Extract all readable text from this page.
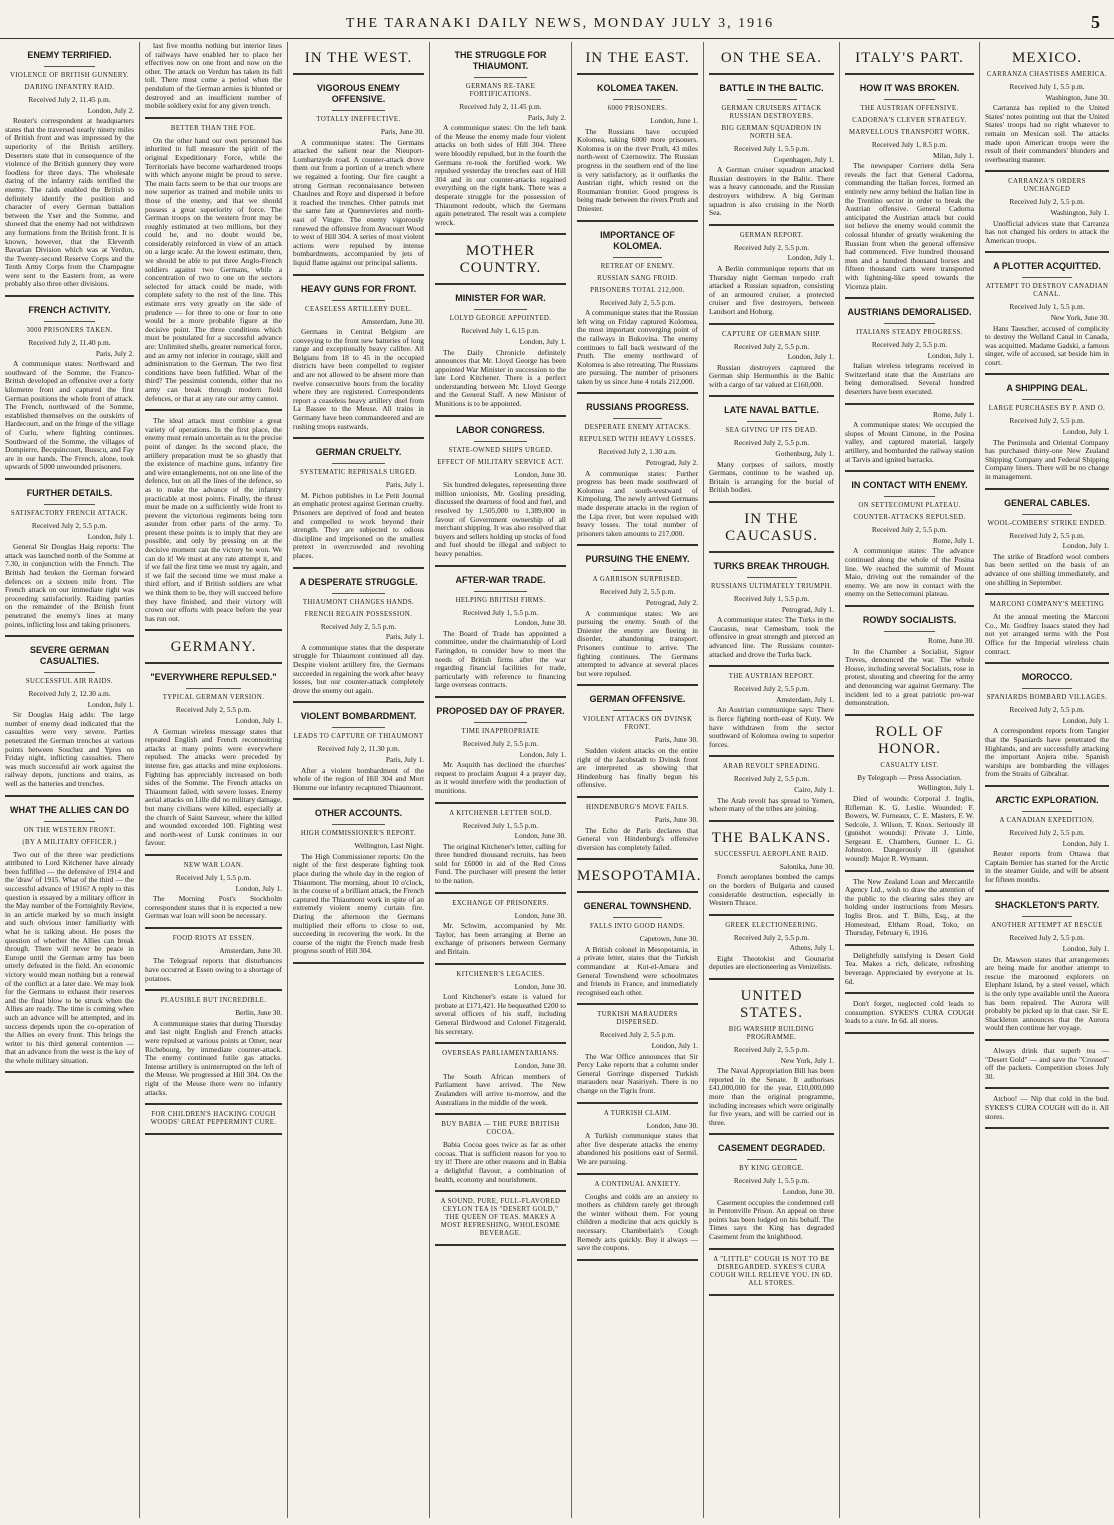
THE TARANAKI DAILY NEWS, MONDAY JULY 3, 1916	5
ENEMY TERRIFIED.
VIOLENCE OF BRITISH GUNNERY.
DARING INFANTRY RAID.
Received July 2, 11.45 p.m.
London, July 2.

Reuter's correspondent at headquarters states that the traversed nearly ninety miles of British front and was impressed by the superiority of the British artillery. Deserters state that in consequence of the violence of the British gunnery they were foodless for three days. The wholesale daring of the infantry raids terrified the enemy. The raids enabled the British to definitely identify the position and character of every German battalion between the Yser and the Somme, and showed that the enemy had not withdrawn any formations from the British front. It is known, however, that the Eleventh Bavarian Division which was at Verdun, the Twenty-second Reserve Corps and the Tenth Army Corps from the Champagne were sent to the Eastern front, as were probably also three other divisions.

FRENCH ACTIVITY.
3000 PRISONERS TAKEN.
Received July 2, 11.40 p.m.
Paris, July 2.

A communique states: Northward and southward of the Somme, the Franco-British developed an offensive over a forty kilometre front and captured the first German positions the whole front of attack. The French, northward of the Somme, established themselves on the outskirts of Hardecourt, and on the fringe of the village of Curlu, where fighting continues. Southward of the Somme, the villages of Dompierre, Becquincourt, Busscu, and Fay are in our hands. The French, alone, took upwards of 5000 unwounded prisoners.

FURTHER DETAILS.
SATISFACTORY FRENCH ATTACK.
Received July 2, 5.5 p.m.
London, July 1.

General Sir Douglas Haig reports: The attack was launched north of the Somme at 7.30, in conjunction with the French. The British had broken the German forward defences on a sixteen mile front. The French attack on our immediate right was proceeding satisfactorily. Raiding parties on the remainder of the British front penetrated the enemy's lines at many points, inflicting loss and taking prisoners.

SEVERE GERMAN CASUALTIES.
SUCCESSFUL AIR RAIDS.
Received July 2, 12.30 a.m.
London, July 1.

Sir Douglas Haig adds: The large number of enemy dead indicated that the casualties were very severe. Parties penetrated the German trenches at various points between Souchez and Ypres on Friday night, inflicting casualties. There was much successful air work against the railway depots, junctions and trains, as well as the batteries and trenches.

WHAT THE ALLIES CAN DO
ON THE WESTERN FRONT.
(BY A MILITARY OFFICER.)

Two out of the three war predictions attributed to Lord Kitchener have already been fulfilled — the defensive of 1914 and the 'draw' of 1915. What of the third — the successful advance of 1916? A reply to this question is essayed by a military officer in the May number of the Fortnightly Review, in an article marked by so much insight and such obvious inner familiarity with what he is talking about. He poses the question of whether the Allies can break through. There will never be peace in Europe until the German army has been utterly defeated in the field. An economic victory would mean nothing but a renewal of the conflict at a later date. We may look for the Germans to exhaust their reserves and the final blow to be struck when the Allies are ready. The time is coming when such an advance will be attempted, and its success depends upon the co-operation of the Allies on every front. This brings the writer to his third general contention — that an advance from the west is the key of the whole military situation.

last five months nothing but interior lines of railways have enabled her to place her effectives now on one front and now on the other. The attack on Verdun has taken its full toll. There must come a period when the pendulum of the German armies is blunted or destroyed and an insufficient number of mobile soldiery exist for any given trench.

BETTER THAN THE FOE.

On the other hand our own personnel has inherited in full measure the spirit of the original Expeditionary Force, while the Territorials have become warhardened troops with which anyone might be proud to serve. The main facts seem to be that our troops are now superior as trained and mobile units to those of the enemy, and that we should possess a great superiority of force. The German troops on the western front may be roughly estimated at two millions, but they could be, and no doubt would be, considerably reinforced in view of an attack on a large scale. At the lowest estimate, then, we should be able to put three Anglo-French soldiers against two Germans, while a concentration of two to one on the sectors selected for attack could be made, with complete safety to the rest of the line. This estimate errs very greatly on the side of prudence — for three to one or four to one would be a more probable figure at the decisive point. The three conditions which must be postulated for a successful advance are: Unlimited shells, greater numerical force, and an army not inferior in courage, skill and administration to the German. The two first conditions have been fulfilled. What of the third? The pessimist contends, either that no army can break through modern field defences, or that at any rate our army cannot.

The ideal attack must combine a great variety of operations. In the first place, the enemy must remain uncertain as to the precise point of danger. In the second place, the artillery preparation must be so ghastly that the existence of machine guns, infantry fire and wire entanglements, not on one line of the defence, but on all the lines of the defence, so as to make the advance of the infantry practicable at most points. Finally, the thrust must be made on a sufficiently wide front to prevent the victorious regiments being torn asunder from other parts of the army. To present these points is to imply that they are possible, and only by pressing on at the decisive moment can the victory be won. We can do it! We must at any rate attempt it, and if we fail the first time we must try again, and if we fail the second time we must make a third effort, and if British soldiers are what we think them to be, they will succeed before they have finished, and their victory will crown our efforts with peace before the year has run out.

GERMANY.
"EVERYWHERE REPULSED."
TYPICAL GERMAN VERSION.
Received July 2, 5.5 p.m.
London, July 1.

A German wireless message states that repeated English and French reconnoitring attacks at many points were everywhere repulsed. The attacks were preceded by intense fire, gas attacks and mine explosions. Fighting has appreciably increased on both sides of the Somme. The French attacks on Thiaumont failed, with severe losses. Enemy aerial attacks on Lille did no military damage, but many civilians were killed, especially at the church of Saint Sauveur, where the killed and wounded exceeded 100. Fighting west and north-west of Lutsk continues in our favour.

NEW WAR LOAN.
Received July 1, 5.5 p.m.
London, July 1.

The Morning Post's Stockholm correspondent states that it is expected a new German war loan will soon be necessary.

FOOD RIOTS AT ESSEN.
Amsterdam, June 30.

The Telegraaf reports that disturbances have occurred at Essen owing to a shortage of potatoes.

PLAUSIBLE BUT INCREDIBLE.
Berlin, June 30.

A communique states that during Thursday and last night English and French attacks were repulsed at various points at Omer, near Richebourg, by immediate counter-attack. The enemy continued futile gas attacks. Intense artillery is uninterrupted on the left of the Meuse. We progressed at Hill 304. On the right of the Meuse there were no infantry attacks.

FOR CHILDREN'S HACKING COUGH WOODS' GREAT PEPPERMINT CURE.
IN THE WEST.
VIGOROUS ENEMY OFFENSIVE.
TOTALLY INEFFECTIVE.
Paris, June 30.

A communique states: The Germans attacked the salient near the Nieuport-Lombartzyde road. A counter-attack drove them out from a portion of a trench where we regained a footing. Our fire caught a strong German reconnaissance between Chaulnes and Roye and dispersed it before it reached the trenches. Other patrols met the same fate at Quennevieres and north-east of Vingre. The enemy vigorously renewed the offensive from Avocourt Wood to west of Hill 304. A series of most violent actions were repulsed by intense bombardments, accompanied by jets of liquid flame against our principal salients.

HEAVY GUNS FOR FRONT.
CEASELESS ARTILLERY DUEL.
Amsterdam, June 30.

Germans in Central Belgium are conveying to the front new batteries of long range and exceptionally heavy calibre. All Belgians from 18 to 45 in the occupied districts have been compelled to register and are not allowed to be absent more than twelve consecutive hours from the locality where they are registered. Correspondents report a ceaseless heavy artillery duel from La Bassee to the Meuse. All trains in Germany have been commandeered and are rushing troops eastwards.

GERMAN CRUELTY.
SYSTEMATIC REPRISALS URGED.
Paris, July 1.

M. Pichon publishes in Le Petit Journal an emphatic protest against German cruelty. Prisoners are deprived of food and beaten and compelled to work beyond their strength. They are subjected to odious discipline and imprisoned on the smallest pretext in overcrowded and revolting places.

A DESPERATE STRUGGLE.
THIAUMONT CHANGES HANDS.
FRENCH REGAIN POSSESSION.
Received July 2, 5.5 p.m.
Paris, July 1.

A communique states that the desperate struggle for Thiaumont continued all day. Despite violent artillery fire, the Germans succeeded in regaining the work after heavy losses, but our counter-attack completely drove the enemy out again.

VIOLENT BOMBARDMENT.
LEADS TO CAPTURE OF THIAUMONT
Received July 2, 11.30 p.m.
Paris, July 1.

After a violent bombardment of the whole of the region of Hill 304 and Mort Homme our infantry recaptured Thiaumont.

OTHER ACCOUNTS.
HIGH COMMISSIONER'S REPORT.
Wellington, Last Night.

The High Commissioner reports: On the night of the first desperate fighting took place during the whole day in the region of Thiaumont. The morning, about 10 o'clock, in the course of a brilliant attack, the French captured the Thiaumont work in spite of an extremely violent enemy curtain fire. During the afternoon the Germans multiplied their efforts to close to out, succeeding in recovering the work. In the course of the night the French made fresh progress south of Hill 304.

THE STRUGGLE FOR THIAUMONT.
GERMANS RE-TAKE FORTIFICATIONS.
Received July 2, 11.45 p.m.
Paris, July 2.

A communique states: On the left bank of the Meuse the enemy made four violent attacks on both sides of Hill 304. Three were bloodily repulsed, but in the fourth the Germans re-took the fortified work. We repulsed yesterday the trenches east of Hill 304 and in our counter-attacks regained everything on the right bank. There was a desperate struggle for the possession of Thiaumont redoubt, which the Germans again penetrated. The result was a complete wreck.

MOTHER COUNTRY.
MINISTER FOR WAR.
LOLYD GEORGE APPOINTED.
Received July 1, 6.15 p.m.
London, July 1.

The Daily Chronicle definitely announces that Mr. Lloyd George has been appointed War Minister in succession to the late Lord Kitchener. There is a perfect understanding between Mr. Lloyd George and the General Staff. A new Minister of Munitions is to be appointed.

LABOR CONGRESS.
STATE-OWNED SHIPS URGED.
EFFECT OF MILITARY SERVICE ACT.
London, June 30.

Six hundred delegates, representing three million unionists, Mr. Gosling presiding, discussed the dearness of food and fuel, and resolved by 1,505,000 to 1,389,000 in favour of Government ownership of all merchant shipping. It was also resolved that buyers and sellers holding up stocks of food and fuel should be illegal and subject to heavy penalties.

AFTER-WAR TRADE.
HELPING BRITISH FIRMS.
Received July 1, 5.5 p.m.
London, June 30.

The Board of Trade has appointed a committee, under the chairmanship of Lord Faringdon, to consider how to meet the needs of British firms after the war regarding financial facilities for trade, particularly with reference to financing large overseas contracts.

PROPOSED DAY OF PRAYER.
TIME INAPPROPRIATE
Received July 2, 5.5 p.m.
London, July 1.

Mr. Asquith has declined the churches' request to proclaim August 4 a prayer day, as it would interfere with the production of munitions.

A KITCHENER LETTER SOLD.
Received July 1, 5.5 p.m.
London, June 30.

The original Kitchener's letter, calling for three hundred thousand recruits, has been sold for £6000 in aid of the Red Cross Fund. The purchaser will present the letter to the nation.

EXCHANGE OF PRISONERS.
London, June 30.

Mr. Schwim, accompanied by Mr. Taylor, has been arranging at Berne an exchange of prisoners between Germany and Britain.

KITCHENER'S LEGACIES.
London, June 30.

Lord Kitchener's estate is valued for probate at £171,421. He bequeathed £200 to several officers of his staff, including General Birdwood and Colonel Fitzgerald, his secretary.

OVERSEAS PARLIAMENTARIANS.
London, June 30.

The South African members of Parliament have arrived. The New Zealanders will arrive to-morrow, and the Australians in the middle of the week.

BUY BABIA — THE PURE BRITISH COCOA.

Babia Cocoa goes twice as far as other cocoas. That is sufficient reason for you to try it! There are other reasons and in Babia a delightful flavour, a combination of health, economy and nourishment.

A SOUND, PURE, FULL-FLAVORED CEYLON TEA IS "DESERT GOLD," THE QUEEN OF TEAS. MAKES A MOST REFRESHING, WHOLESOME BEVERAGE.
IN THE EAST.
KOLOMEA TAKEN.
6000 PRISONERS.
London, June 1.

The Russians have occupied Kolomea, taking 6000 more prisoners. Kolomea is on the river Pruth, 43 miles north-west of Czernowitz. The Russian progress in the southern end of the line is very satisfactory, as it outflanks the Austrian right, which rested on the Roumanian frontier. Good progress is being made between the rivers Pruth and Dniester.

IMPORTANCE OF KOLOMEA.
RETREAT OF ENEMY.
RUSSIAN SANG FROID.
PRISONERS TOTAL 212,000.
Received July 2, 5.5 p.m.

A communique states that the Russian left wing on Friday captured Kolomea, the most important converging point of the railways in Bukovina. The enemy continues to fall back westward of the Pruth. The enemy northward of Kolomea is also retreating. The Russians are pursuing. The number of prisoners taken by us since June 4 totals 212,000.

RUSSIANS PROGRESS.
DESPERATE ENEMY ATTACKS.
REPULSED WITH HEAVY LOSSES.
Received July 2, 1.30 a.m.
Petrograd, July 2.

A communique states: Further progress has been made southward of Kolomea and south-westward of Kimpolung. The newly arrived Germans made desperate attacks in the region of the Lipa river, but were repulsed with heavy losses. The total number of prisoners taken amounts to 217,000.

PURSUING THE ENEMY.
A GARRISON SURPRISED.
Received July 2, 5.5 p.m.
Petrograd, July 2.

A communique states: We are pursuing the enemy. South of the Dniester the enemy are fleeing in disorder, abandoning transport. Prisoners continue to arrive. The fighting continues. The Germans attempted to advance at several places but were repulsed.

GERMAN OFFENSIVE.
VIOLENT ATTACKS ON DVINSK FRONT.
Paris, June 30.

Sudden violent attacks on the entire right of the Jacobstadt to Dvinsk front are interpreted as showing that Hindenburg has finally begun his offensive.

HINDENBURG'S MOVE FAILS.
Paris, June 30.

The Echo de Paris declares that General von Hindenburg's offensive diversion has completely failed.

MESOPOTAMIA.
GENERAL TOWNSHEND.
FALLS INTO GOOD HANDS.
Capetown, June 30.

A British colonel in Mesopotamia, in a private letter, states that the Turkish commandant at Kut-el-Amara and General Townshend were schoolmates and friends in France, and immediately recognised each other.

TURKISH MARAUDERS DISPERSED.
Received July 2, 5.5 p.m.
London, July 1.

The War Office announces that Sir Percy Lake reports that a column under General Gorringe dispersed Turkish marauders near Nasiriyeh. There is no change on the Tigris front.

A TURKISH CLAIM.
London, June 30.

A Turkish communique states that after five desperate attacks the enemy abandoned his positions east of Sermil. We are pursuing.

A CONTINUAL ANXIETY.

Coughs and colds are an anxiety to mothers as children rarely get through the winter without them. For young children a medicine that acts quickly is necessary. Chamberlain's Cough Remedy acts quickly. Buy it always — save the coupons.

ON THE SEA.
BATTLE IN THE BALTIC.
GERMAN CRUISERS ATTACK RUSSIAN DESTROYERS.
BIG GERMAN SQUADRON IN NORTH SEA.
Received July 1, 5.5 p.m.
Copenhagen, July 1.

A German cruiser squadron attacked Russian destroyers in the Baltic. There was a heavy cannonade, and the Russian destroyers withdrew. A big German squadron is also cruising in the North Sea.

GERMAN REPORT.
Received July 2, 5.5 p.m.
London, July 1.

A Berlin communique reports that on Thursday night German torpedo craft attacked a Russian squadron, consisting of an armoured cruiser, a protected cruiser and five destroyers, between Landsort and Hoburg.

CAPTURE OF GERMAN SHIP.
Received July 2, 5.5 p.m.
London, July 1.

Russian destroyers captured the German ship Hermonthis in the Baltic with a cargo of tar valued at £160,000.

LATE NAVAL BATTLE.
SEA GIVING UP ITS DEAD.
Received July 2, 5.5 p.m.
Gothenburg, July 1.

Many corpses of sailors, mostly Germans, continue to be washed up. Britain is arranging for the burial of British bodies.

IN THE CAUCASUS.
TURKS BREAK THROUGH.
RUSSIANS ULTIMATELY TRIUMPH.
Received July 1, 5.5 p.m.
Petrograd, July 1.

A communique states: The Turks in the Caucasus, near Cemesbam, took the offensive in great strength and pierced an advanced line. The Russians counter-attacked and drove the Turks back.

THE AUSTRIAN REPORT.
Received July 2, 5.5 p.m.
Amsterdam, July 1.

An Austrian communique says: There is fierce fighting north-east of Kuty. We have withdrawn from the sector southward of Kolomea owing to superior forces.

ARAB REVOLT SPREADING.
Received July 2, 5.5 p.m.
Cairo, July 1.

The Arab revolt has spread to Yemen, where many of the tribes are joining.

THE BALKANS.
SUCCESSFUL AEROPLANE RAID.
Salonika, June 30.

French aeroplanes bombed the camps on the borders of Bulgaria and caused considerable destruction, especially in Western Thrace.

GREEK ELECTIONEERING.
Received July 2, 5.5 p.m.
Athens, July 1.

Eight Theotokist and Gounarist deputies are electioneering as Venizelists.

UNITED STATES.
BIG WARSHIP BUILDING PROGRAMME.
Received July 2, 5.5 p.m.
New York, July 1.

The Naval Appropriation Bill has been reported in the Senate. It authorises £41,000,000 for the year, £10,000,000 more than the original programme, including increases which were originally for five years, and will be carried out in three.

CASEMENT DEGRADED.
BY KING GEORGE.
Received July 1, 5.5 p.m.
London, June 30.

Casement occupies the condemned cell in Pentonville Prison. An appeal on three points has been lodged on his behalf. The Times says the King has degraded Casement from the knighthood.

A "LITTLE" COUGH IS NOT TO BE DISREGARDED. SYKES'S CURA COUGH WILL RELIEVE YOU. IN 6D. ALL STORES.
ITALY'S PART.
HOW IT WAS BROKEN.
THE AUSTRIAN OFFENSIVE.
CADORNA'S CLEVER STRATEGY.
MARVELLOUS TRANSPORT WORK.
Received July 1, 8.5 p.m.
Milan, July 1.

The newspaper Corriere della Sera reveals the fact that General Cadorna, commanding the Italian forces, formed an entirely new army behind the Italian line in the Trentino sector in order to break the Austrian offensive. General Cadorna anticipated the Austrian attack but could not believe the enemy would commit the colossal blunder of greatly weakening the Russian front when the general offensive had commenced. Five hundred thousand men and a hundred thousand horses and fifteen thousand carts were transported with lightning-like speed towards the Vicenza plain.

AUSTRIANS DEMORALISED.
ITALIANS STEADY PROGRESS.
Received July 2, 5.5 p.m.
London, July 1.

Italian wireless telegrams received in Switzerland state that the Austrians are being demoralised. Several hundred deserters have been executed.

Rome, July 1.

A communique states: We occupied the slopes of Mount Cimone, in the Posina valley, and captured material, largely artillery, and bombarded the railway station at Tarvis and ignited barracks.

IN CONTACT WITH ENEMY.
ON SETTECOMUNI PLATEAU.
COUNTER-ATTACKS REPULSED.
Received July 2, 5.5 p.m.
Rome, July 1.

A communique states: The advance continued along the whole of the Posina line. We reached the summit of Mount Maio, driving out the remainder of the enemy. We are now in contact with the enemy on the Settecomuni plateau.

ROWDY SOCIALISTS.
Rome, June 30.

In the Chamber a Socialist, Signor Treves, denounced the war. The whole House, including several Socialists, rose in protest, shouting and cheering for the army and denouncing war against Germany. The incident led to a great patriotic pro-war demonstration.

ROLL OF HONOR.
CASUALTY LIST.
By Telegraph — Press Association.
Wellington, July 1.

Died of wounds: Corporal J. Inglis, Rifleman K. G. Leslie. Wounded: F. Bowers, W. Furneaux, C. E. Masters, F. W. Sedcole, J. Wilson, T. Knox. Seriously ill (gunshot wounds): Private J. Little, Sergeant E. Chambers, Gunner L. G. Johnston. Dangerously ill (gunshot wound): Major R. Wymann.

The New Zealand Loan and Mercantile Agency Ltd., wish to draw the attention of the public to the clearing sales they are holding under instructions from Messrs. Inglis Bros. and T. Bills, Esq., at the Homestead, Eltham Road, Toko, on Thursday, February 6, 1916.

Delightfully satisfying is Desert Gold Tea. Makes a rich, delicate, refreshing beverage. Appreciated by everyone at 1s. 6d.

Don't forget, neglected cold leads to consumption. SYKES'S CURA COUGH leads to a cure. In 6d. all stores.

MEXICO.
CARRANZA CHASTISES AMERICA.
Received July 1, 5.5 p.m.
Washington, June 30.

Carranza has replied to the United States' notes pointing out that the United States' troops had no right whatever to remain on Mexican soil. The attacks made upon American troops were the result of their commanders' blunders and overbearing manner.

CARRANZA'S ORDERS UNCHANGED
Received July 2, 5.5 p.m.
Washington, July 1.

Unofficial advices state that Carranza has not changed his orders to attack the American troops.

A PLOTTER ACQUITTED.
ATTEMPT TO DESTROY CANADIAN CANAL.
Received July 1, 5.5 p.m.
New York, June 30.

Hans Tauscher, accused of complicity to destroy the Welland Canal in Canada, was acquitted. Madame Gadski, a famous singer, wife of accused, sat beside him in court.

A SHIPPING DEAL.
LARGE PURCHASES BY P. AND O.
Received July 2, 5.5 p.m.
London, July 1.

The Peninsula and Oriental Company has purchased thirty-one New Zealand Shipping Company and Federal Shipping Company liners. There will be no change in management.

GENERAL CABLES.
WOOL-COMBERS' STRIKE ENDED.
Received July 2, 5.5 p.m.
London, July 1.

The strike of Bradford wool combers has been settled on the basis of an advance of one shilling immediately, and one shilling in September.

MARCONI COMPANY'S MEETING

At the annual meeting the Marconi Co., Mr. Godfrey Isaacs stated they had not yet arranged terms with the Post Office for the Imperial wireless chain contract.

MOROCCO.
SPANIARDS BOMBARD VILLAGES.
Received July 2, 5.5 p.m.
London, July 1.

A correspondent reports from Tangier that the Spaniards have penetrated the Highlands, and are successfully attacking the important Anjera tribe. Spanish warships are bombarding the villages from the Straits of Gibraltar.

ARCTIC EXPLORATION.
A CANADIAN EXPEDITION.
Received July 2, 5.5 p.m.
London, July 1.

Reuter reports from Ottawa that Captain Bernier has started for the Arctic in the steamer Guide, and will be absent for fifteen months.

SHACKLETON'S PARTY.
ANOTHER ATTEMPT AT RESCUE
Received July 2, 5.5 p.m.
London, July 1.

Dr. Mawson states that arrangements are being made for another attempt to rescue the marooned explorers on Elephant Island, by a steel vessel, which is the only type available until the Aurora has been repaired. The Aurora will probably be picked up in that case. Sir E. Shackleton announces that the Aurora would then continue her voyage.

Always drink that superb tea — "Desert Gold" — and save the "Crossed" off the packets. Competition closes July 30.

Atchoo! — Nip that cold in the bud. SYKES'S CURA COUGH will do it. All stores.
